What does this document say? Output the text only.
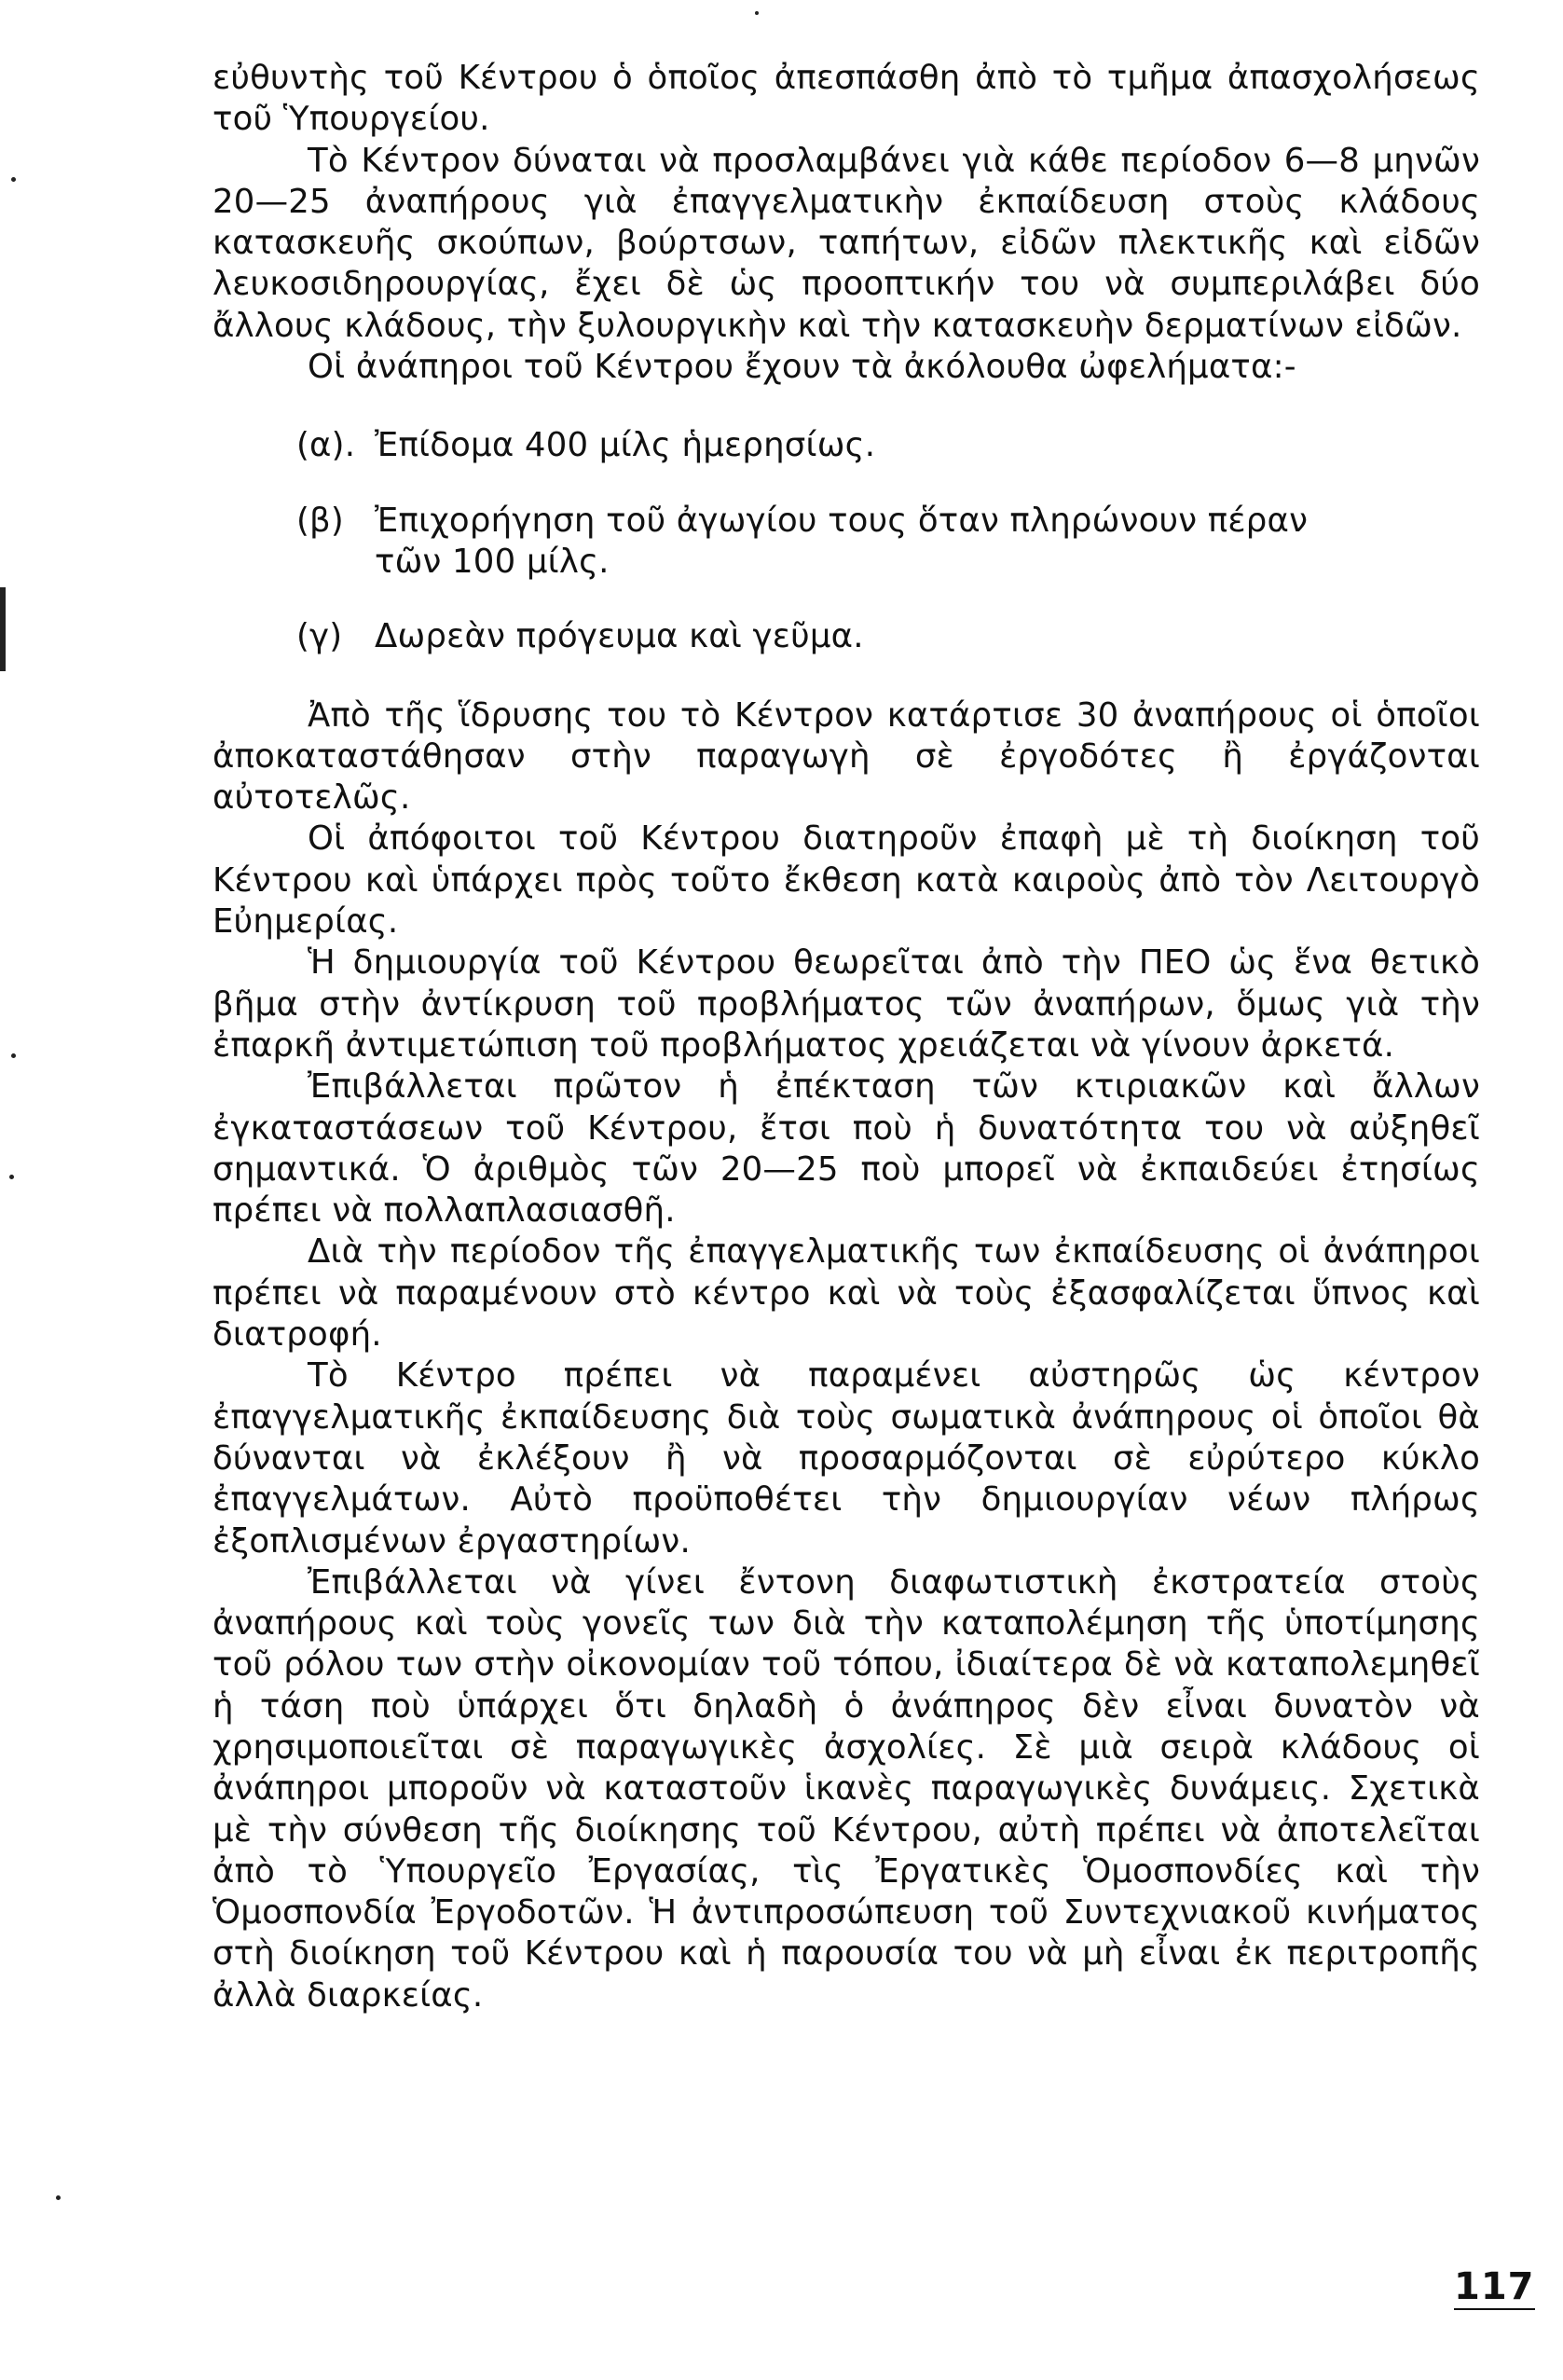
εὐθυντὴς τοῦ Κέντρου ὁ ὁποῖος ἀπεσπάσθη ἀπὸ τὸ τμῆμα ἀπασχολήσεως τοῦ Ὑπουργείου.

Τὸ Κέντρον δύναται νὰ προσλαμβάνει γιὰ κάθε περίοδον 6—8 μηνῶν 20—25 ἀναπήρους γιὰ ἐπαγγελματικὴν ἐκπαίδευση στοὺς κλάδους κατασκευῆς σκούπων, βούρτσων, ταπήτων, εἰδῶν πλεκτικῆς καὶ εἰδῶν λευκοσιδηρουργίας, ἔχει δὲ ὡς προοπτικήν του νὰ συμπεριλάβει δύο ἄλλους κλάδους, τὴν ξυλουργικὴν καὶ τὴν κατασκευὴν δερματίνων εἰδῶν.

Οἱ ἀνάπηροι τοῦ Κέντρου ἔχουν τὰ ἀκόλουθα ὠφελήματα:-

(α). Ἐπίδομα 400 μίλς ἡμερησίως.
(β) Ἐπιχορήγηση τοῦ ἀγωγίου τους ὅταν πληρώνουν πέραν τῶν 100 μίλς.
(γ) Δωρεὰν πρόγευμα καὶ γεῦμα.

Ἀπὸ τῆς ἵδρυσης του τὸ Κέντρον κατάρτισε 30 ἀναπήρους οἱ ὁποῖοι ἀποκαταστάθησαν στὴν παραγωγὴ σὲ ἐργοδότες ἢ ἐργάζονται αὐτοτελῶς.

Οἱ ἀπόφοιτοι τοῦ Κέντρου διατηροῦν ἐπαφὴ μὲ τὴ διοίκηση τοῦ Κέντρου καὶ ὑπάρχει πρὸς τοῦτο ἔκθεση κατὰ καιροὺς ἀπὸ τὸν Λειτουργὸ Εὐημερίας.

Ἡ δημιουργία τοῦ Κέντρου θεωρεῖται ἀπὸ τὴν ΠΕΟ ὡς ἕνα θετικὸ βῆμα στὴν ἀντίκρυση τοῦ προβλήματος τῶν ἀναπήρων, ὅμως γιὰ τὴν ἐπαρκῆ ἀντιμετώπιση τοῦ προβλήματος χρειάζεται νὰ γίνουν ἀρκετά.

Ἐπιβάλλεται πρῶτον ἡ ἐπέκταση τῶν κτιριακῶν καὶ ἄλλων ἐγκαταστάσεων τοῦ Κέντρου, ἔτσι ποὺ ἡ δυνατότητα του νὰ αὐξηθεῖ σημαντικά. Ὁ ἀριθμὸς τῶν 20—25 ποὺ μπορεῖ νὰ ἐκπαιδεύει ἐτησίως πρέπει νὰ πολλαπλασιασθῆ.

Διὰ τὴν περίοδον τῆς ἐπαγγελματικῆς των ἐκπαίδευσης οἱ ἀνάπηροι πρέπει νὰ παραμένουν στὸ κέντρο καὶ νὰ τοὺς ἐξασφαλίζεται ὕπνος καὶ διατροφή.

Τὸ Κέντρο πρέπει νὰ παραμένει αὐστηρῶς ὡς κέντρον ἐπαγγελματικῆς ἐκπαίδευσης διὰ τοὺς σωματικὰ ἀνάπηρους οἱ ὁποῖοι θὰ δύνανται νὰ ἐκλέξουν ἢ νὰ προσαρμόζονται σὲ εὐρύτερο κύκλο ἐπαγγελμάτων. Αὐτὸ προϋποθέτει τὴν δημιουργίαν νέων πλήρως ἐξοπλισμένων ἐργαστηρίων.

Ἐπιβάλλεται νὰ γίνει ἔντονη διαφωτιστικὴ ἐκστρατεία στοὺς ἀναπήρους καὶ τοὺς γονεῖς των διὰ τὴν καταπολέμηση τῆς ὑποτίμησης τοῦ ρόλου των στὴν οἰκονομίαν τοῦ τόπου, ἰδιαίτερα δὲ νὰ καταπολεμηθεῖ ἡ τάση ποὺ ὑπάρχει ὅτι δηλαδὴ ὁ ἀνάπηρος δὲν εἶναι δυνατὸν νὰ χρησιμοποιεῖται σὲ παραγωγικὲς ἀσχολίες. Σὲ μιὰ σειρὰ κλάδους οἱ ἀνάπηροι μποροῦν νὰ καταστοῦν ἱκανὲς παραγωγικὲς δυνάμεις. Σχετικὰ μὲ τὴν σύνθεση τῆς διοίκησης τοῦ Κέντρου, αὐτὴ πρέπει νὰ ἀποτελεῖται ἀπὸ τὸ Ὑπουργεῖο Ἐργασίας, τὶς Ἐργατικὲς Ὁμοσπονδίες καὶ τὴν Ὁμοσπονδία Ἐργοδοτῶν. Ἡ ἀντιπροσώπευση τοῦ Συντεχνιακοῦ κινήματος στὴ διοίκηση τοῦ Κέντρου καὶ ἡ παρουσία του νὰ μὴ εἶναι ἐκ περιτροπῆς ἀλλὰ διαρκείας.

117
